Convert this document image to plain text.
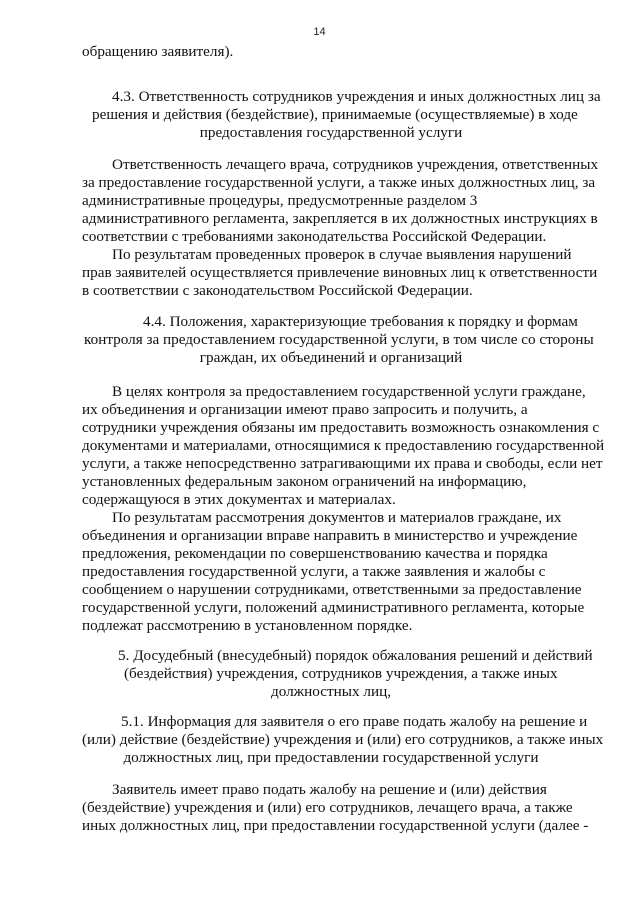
14
обращению заявителя).
4.3. Ответственность сотрудников учреждения и иных должностных лиц за
решения и действия (бездействие), принимаемые (осуществляемые) в ходе
предоставления государственной услуги
Ответственность лечащего врача, сотрудников учреждения, ответственных
за предоставление государственной услуги, а также иных должностных лиц, за
административные процедуры, предусмотренные разделом 3
административного регламента, закрепляется в их должностных инструкциях в
соответствии с требованиями законодательства Российской Федерации.
По результатам проведенных проверок в случае выявления нарушений
прав заявителей осуществляется привлечение виновных лиц к ответственности
в соответствии с законодательством Российской Федерации.
4.4. Положения, характеризующие требования к порядку и формам
контроля за предоставлением государственной услуги, в том числе со стороны
граждан, их объединений и организаций
В целях контроля за предоставлением государственной услуги граждане,
их объединения и организации имеют право запросить и получить, а
сотрудники учреждения обязаны им предоставить возможность ознакомления с
документами и материалами, относящимися к предоставлению государственной
услуги, а также непосредственно затрагивающими их права и свободы, если нет
установленных федеральным законом ограничений на информацию,
содержащуюся в этих документах и материалах.
По результатам рассмотрения документов и материалов граждане, их
объединения и организации вправе направить в министерство и учреждение
предложения, рекомендации по совершенствованию качества и порядка
предоставления государственной услуги, а также заявления и жалобы с
сообщением о нарушении сотрудниками, ответственными за предоставление
государственной услуги, положений административного регламента, которые
подлежат рассмотрению в установленном порядке.
5. Досудебный (внесудебный) порядок обжалования решений и действий
(бездействия) учреждения, сотрудников учреждения, а также иных
должностных лиц,
5.1. Информация для заявителя о его праве подать жалобу на решение и
(или) действие (бездействие) учреждения и (или) его сотрудников, а также иных
должностных лиц, при предоставлении государственной услуги
Заявитель имеет право подать жалобу на решение и (или) действия
(бездействие) учреждения и (или) его сотрудников, лечащего врача, а также
иных должностных лиц, при предоставлении государственной услуги (далее -
